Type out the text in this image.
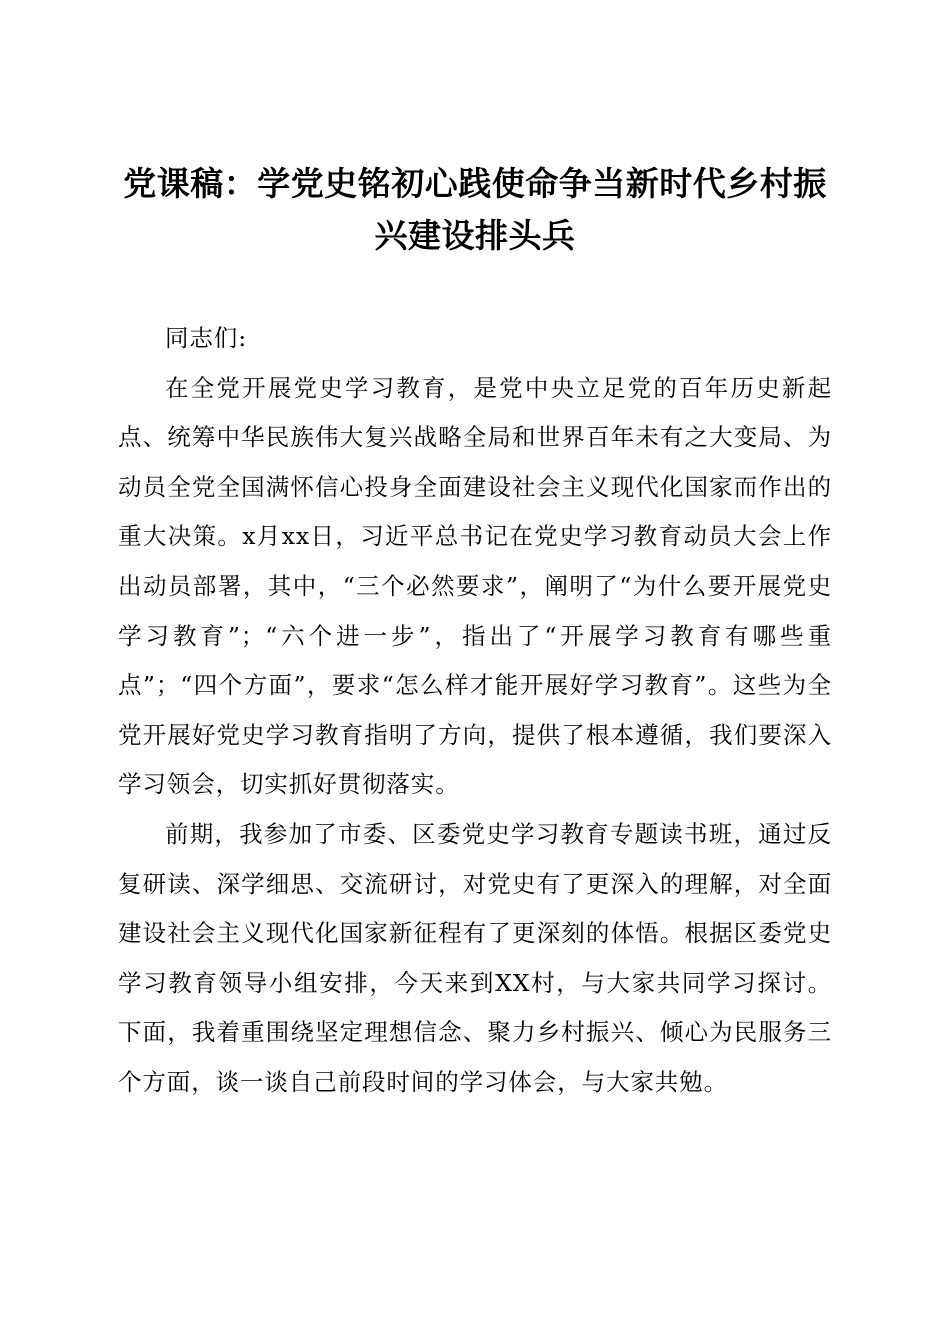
党课稿：学党史铭初心践使命争当新时代乡村振兴建设排头兵

同志们:

在全党开展党史学习教育，是党中央立足党的百年历史新起点、统筹中华民族伟大复兴战略全局和世界百年未有之大变局、为动员全党全国满怀信心投身全面建设社会主义现代化国家而作出的重大决策。x月xx日，习近平总书记在党史学习教育动员大会上作出动员部署，其中，“三个必然要求”，阐明了“为什么要开展党史学习教育”；“六个进一步”，指出了“开展学习教育有哪些重点”；“四个方面”，要求“怎么样才能开展好学习教育”。这些为全党开展好党史学习教育指明了方向，提供了根本遵循，我们要深入学习领会，切实抓好贯彻落实。

前期，我参加了市委、区委党史学习教育专题读书班，通过反复研读、深学细思、交流研讨，对党史有了更深入的理解，对全面建设社会主义现代化国家新征程有了更深刻的体悟。根据区委党史学习教育领导小组安排，今天来到XX村，与大家共同学习探讨。下面，我着重围绕坚定理想信念、聚力乡村振兴、倾心为民服务三个方面，谈一谈自己前段时间的学习体会，与大家共勉。
